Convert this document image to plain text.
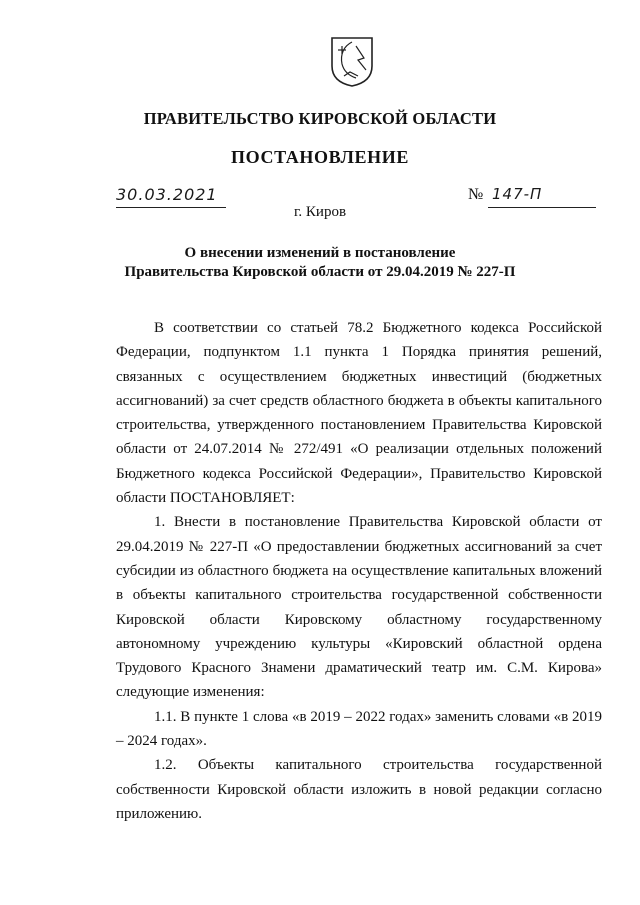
ПРАВИТЕЛЬСТВО КИРОВСКОЙ ОБЛАСТИ
ПОСТАНОВЛЕНИЕ
30.03.2021	№ 147-П
г. Киров
О внесении изменений в постановление
Правительства Кировской области от 29.04.2019 № 227-П

В соответствии со статьей 78.2 Бюджетного кодекса Российской Федерации, подпунктом 1.1 пункта 1 Порядка принятия решений, связанных с осуществлением бюджетных инвестиций (бюджетных ассигнований) за счет средств областного бюджета в объекты капитального строительства, утвержденного постановлением Правительства Кировской области от 24.07.2014 № 272/491 «О реализации отдельных положений Бюджетного кодекса Российской Федерации», Правительство Кировской области ПОСТАНОВЛЯЕТ:

1. Внести в постановление Правительства Кировской области от 29.04.2019 № 227-П «О предоставлении бюджетных ассигнований за счет субсидии из областного бюджета на осуществление капитальных вложений в объекты капитального строительства государственной собственности Кировской области Кировскому областному государственному автономному учреждению культуры «Кировский областной ордена Трудового Красного Знамени драматический театр им. С.М. Кирова» следующие изменения:

1.1. В пункте 1 слова «в 2019 – 2022 годах» заменить словами «в 2019 – 2024 годах».

1.2. Объекты капитального строительства государственной собственности Кировской области изложить в новой редакции согласно приложению.
